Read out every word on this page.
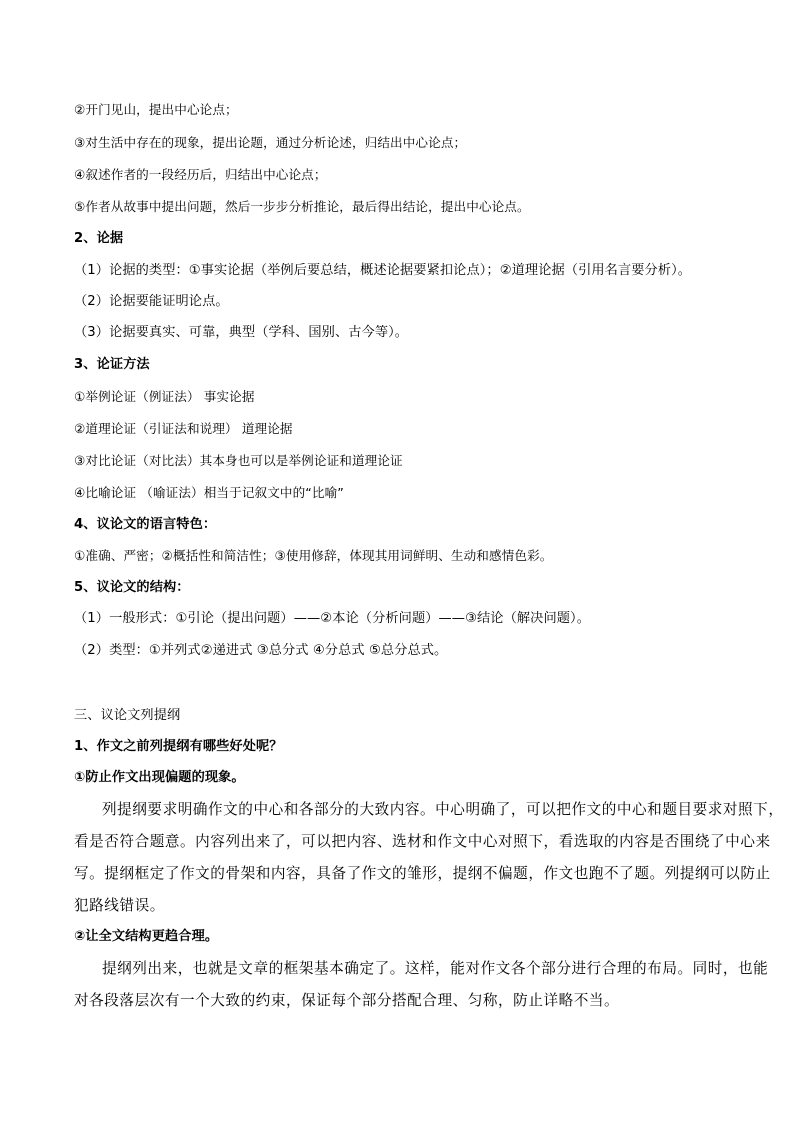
②开门见山，提出中心论点；

③对生活中存在的现象，提出论题，通过分析论述，归结出中心论点；

④叙述作者的一段经历后，归结出中心论点；

⑤作者从故事中提出问题，然后一步步分析推论，最后得出结论，提出中心论点。

2、论据

（1）论据的类型：①事实论据（举例后要总结，概述论据要紧扣论点）；②道理论据（引用名言要分析）。

（2）论据要能证明论点。

（3）论据要真实、可靠，典型（学科、国别、古今等）。

3、论证方法

①举例论证（例证法） 事实论据

②道理论证（引证法和说理） 道理论据

③对比论证（对比法）其本身也可以是举例论证和道理论证

④比喻论证 （喻证法）相当于记叙文中的“比喻”

4、议论文的语言特色：

①准确、严密；②概括性和简洁性；③使用修辞，体现其用词鲜明、生动和感情色彩。

5、议论文的结构：

（1）一般形式：①引论（提出问题）——②本论（分析问题）——③结论（解决问题）。

（2）类型：①并列式②递进式 ③总分式 ④分总式 ⑤总分总式。

三、议论文列提纲

1、作文之前列提纲有哪些好处呢？

①防止作文出现偏题的现象。

列提纲要求明确作文的中心和各部分的大致内容。中心明确了，可以把作文的中心和题目要求对照下，

看是否符合题意。内容列出来了，可以把内容、选材和作文中心对照下，看选取的内容是否围绕了中心来

写。提纲框定了作文的骨架和内容，具备了作文的雏形，提纲不偏题，作文也跑不了题。列提纲可以防止

犯路线错误。

②让全文结构更趋合理。

提纲列出来，也就是文章的框架基本确定了。这样，能对作文各个部分进行合理的布局。同时，也能

对各段落层次有一个大致的约束，保证每个部分搭配合理、匀称，防止详略不当。
